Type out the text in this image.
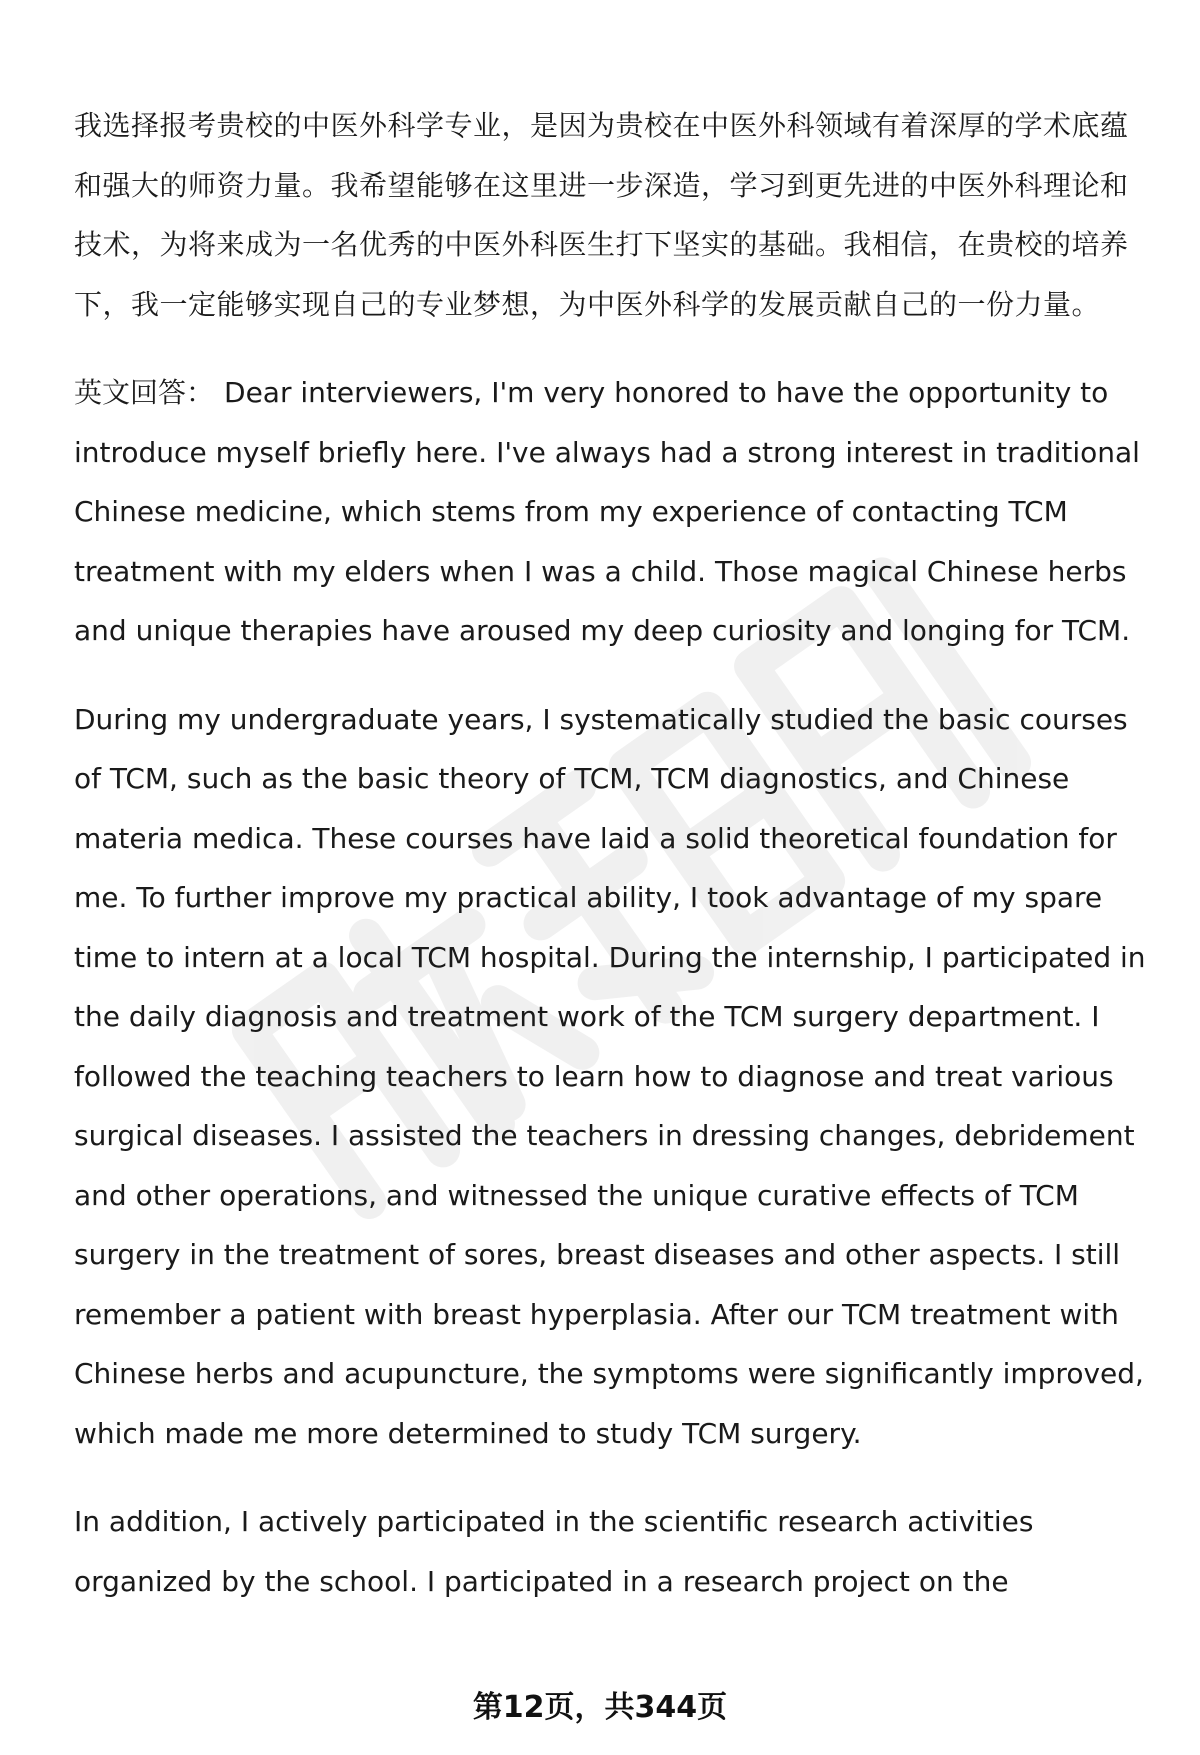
我选择报考贵校的中医外科学专业，是因为贵校在中医外科领域有着深厚的学术底蕴和强大的师资力量。我希望能够在这里进一步深造，学习到更先进的中医外科理论和技术，为将来成为一名优秀的中医外科医生打下坚实的基础。我相信，在贵校的培养下，我一定能够实现自己的专业梦想，为中医外科学的发展贡献自己的一份力量。

英文回答： Dear interviewers, I'm very honored to have the opportunity to introduce myself briefly here. I've always had a strong interest in traditional Chinese medicine, which stems from my experience of contacting TCM treatment with my elders when I was a child. Those magical Chinese herbs and unique therapies have aroused my deep curiosity and longing for TCM.

During my undergraduate years, I systematically studied the basic courses of TCM, such as the basic theory of TCM, TCM diagnostics, and Chinese materia medica. These courses have laid a solid theoretical foundation for me. To further improve my practical ability, I took advantage of my spare time to intern at a local TCM hospital. During the internship, I participated in the daily diagnosis and treatment work of the TCM surgery department. I followed the teaching teachers to learn how to diagnose and treat various surgical diseases. I assisted the teachers in dressing changes, debridement and other operations, and witnessed the unique curative effects of TCM surgery in the treatment of sores, breast diseases and other aspects. I still remember a patient with breast hyperplasia. After our TCM treatment with Chinese herbs and acupuncture, the symptoms were significantly improved, which made me more determined to study TCM surgery.

In addition, I actively participated in the scientific research activities organized by the school. I participated in a research project on the

第12页，共344页
